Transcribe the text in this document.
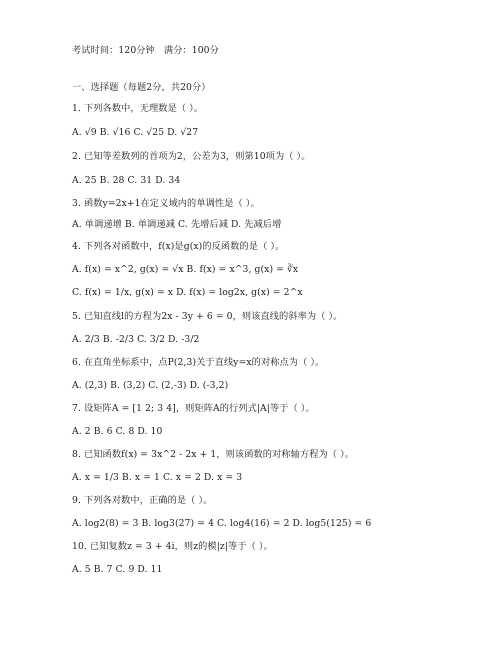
考试时间：120分钟   满分：100分
一、选择题（每题2分，共20分）
1. 下列各数中，无理数是（ ）。
A. √9 B. √16 C. √25 D. √27
2. 已知等差数列的首项为2，公差为3，则第10项为（ ）。
A. 25 B. 28 C. 31 D. 34
3. 函数y=2x+1在定义域内的单调性是（ ）。
A. 单调递增 B. 单调递减 C. 先增后减 D. 先减后增
4. 下列各对函数中，f(x)是g(x)的反函数的是（ ）。
A. f(x) = x^2, g(x) = √x B. f(x) = x^3, g(x) = ∛x
C. f(x) = 1/x, g(x) = x D. f(x) = log2x, g(x) = 2^x
5. 已知直线l的方程为2x - 3y + 6 = 0，则该直线的斜率为（ ）。
A. 2/3 B. -2/3 C. 3/2 D. -3/2
6. 在直角坐标系中，点P(2,3)关于直线y=x的对称点为（ ）。
A. (2,3) B. (3,2) C. (2,-3) D. (-3,2)
7. 设矩阵A = [1 2; 3 4]，则矩阵A的行列式|A|等于（ ）。
A. 2 B. 6 C. 8 D. 10
8. 已知函数f(x) = 3x^2 - 2x + 1，则该函数的对称轴方程为（ ）。
A. x = 1/3 B. x = 1 C. x = 2 D. x = 3
9. 下列各对数中，正确的是（ ）。
A. log2(8) = 3 B. log3(27) = 4 C. log4(16) = 2 D. log5(125) = 6
10. 已知复数z = 3 + 4i，则z的模|z|等于（ ）。
A. 5 B. 7 C. 9 D. 11
